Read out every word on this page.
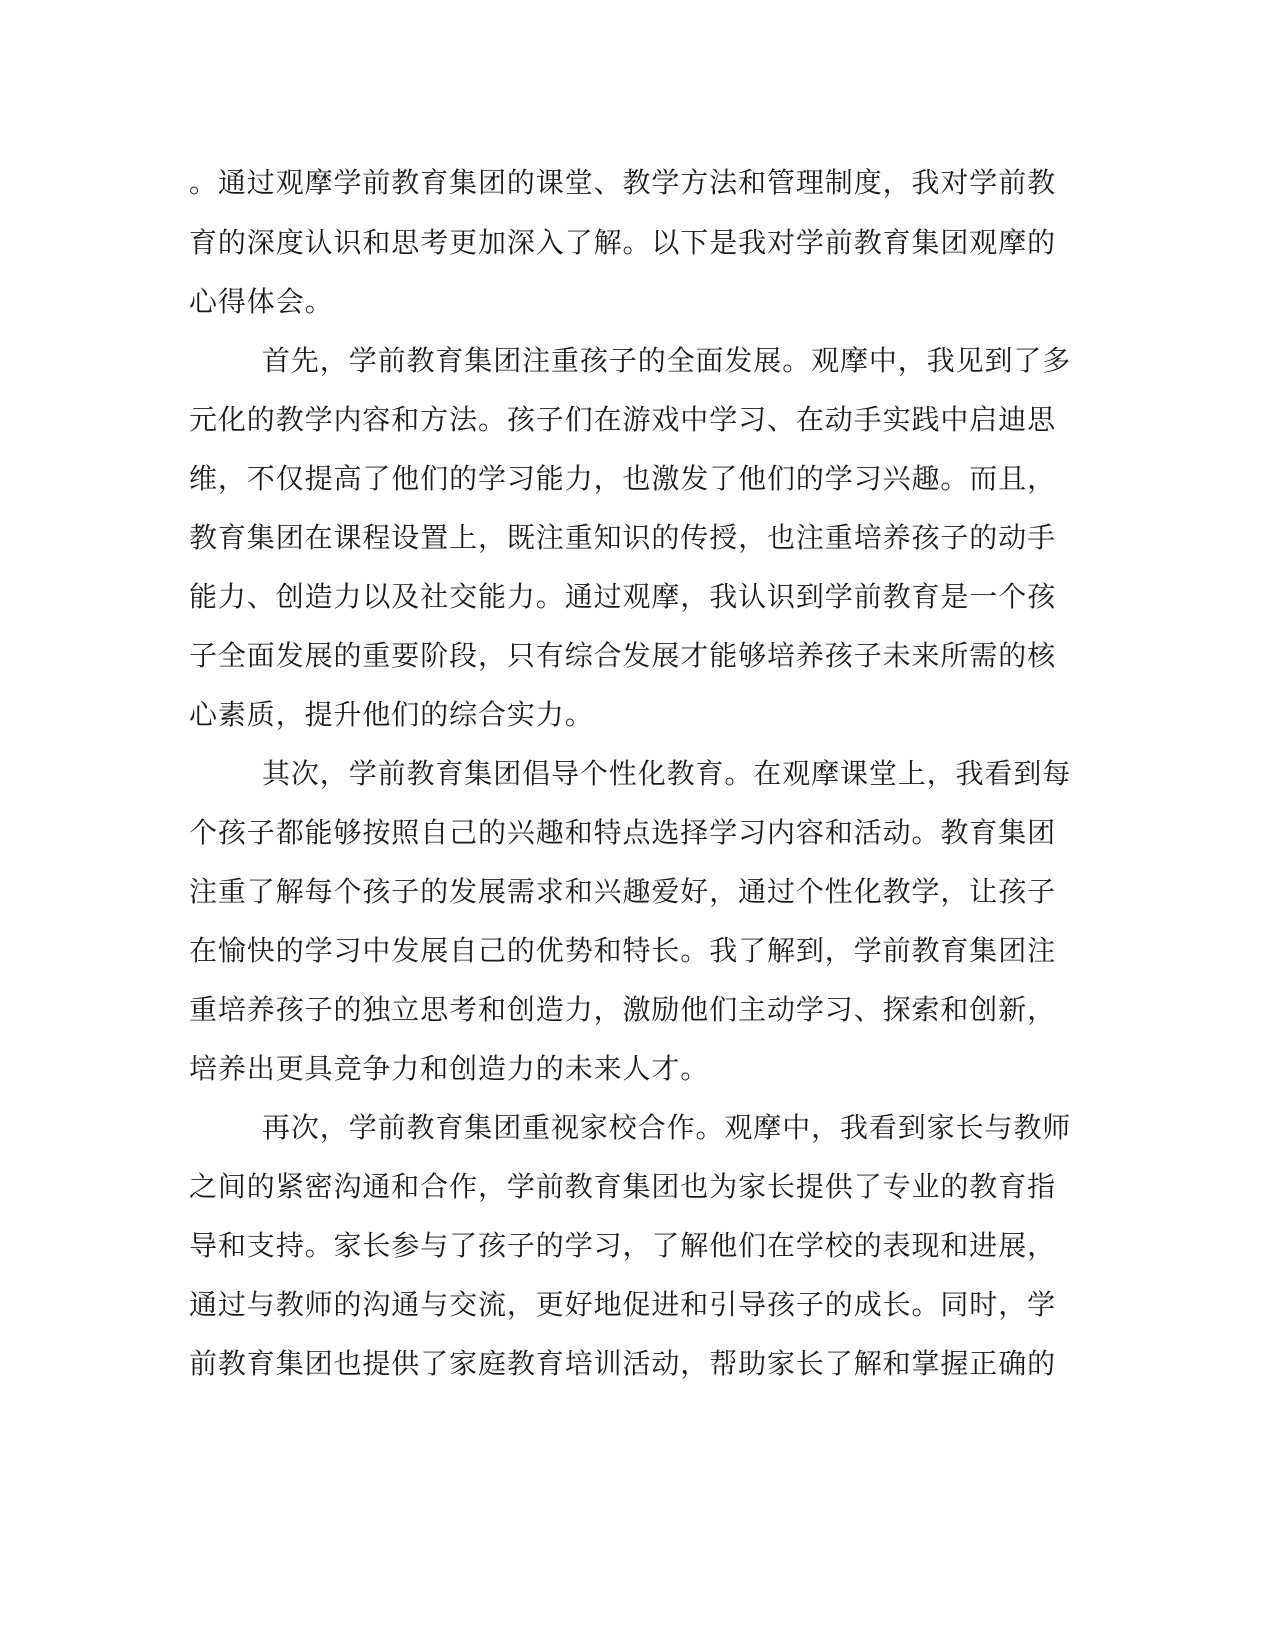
。通过观摩学前教育集团的课堂、教学方法和管理制度，我对学前教
育的深度认识和思考更加深入了解。以下是我对学前教育集团观摩的
心得体会。
首先，学前教育集团注重孩子的全面发展。观摩中，我见到了多
元化的教学内容和方法。孩子们在游戏中学习、在动手实践中启迪思
维，不仅提高了他们的学习能力，也激发了他们的学习兴趣。而且，
教育集团在课程设置上，既注重知识的传授，也注重培养孩子的动手
能力、创造力以及社交能力。通过观摩，我认识到学前教育是一个孩
子全面发展的重要阶段，只有综合发展才能够培养孩子未来所需的核
心素质，提升他们的综合实力。
其次，学前教育集团倡导个性化教育。在观摩课堂上，我看到每
个孩子都能够按照自己的兴趣和特点选择学习内容和活动。教育集团
注重了解每个孩子的发展需求和兴趣爱好，通过个性化教学，让孩子
在愉快的学习中发展自己的优势和特长。我了解到，学前教育集团注
重培养孩子的独立思考和创造力，激励他们主动学习、探索和创新，
培养出更具竞争力和创造力的未来人才。
再次，学前教育集团重视家校合作。观摩中，我看到家长与教师
之间的紧密沟通和合作，学前教育集团也为家长提供了专业的教育指
导和支持。家长参与了孩子的学习，了解他们在学校的表现和进展，
通过与教师的沟通与交流，更好地促进和引导孩子的成长。同时，学
前教育集团也提供了家庭教育培训活动，帮助家长了解和掌握正确的
